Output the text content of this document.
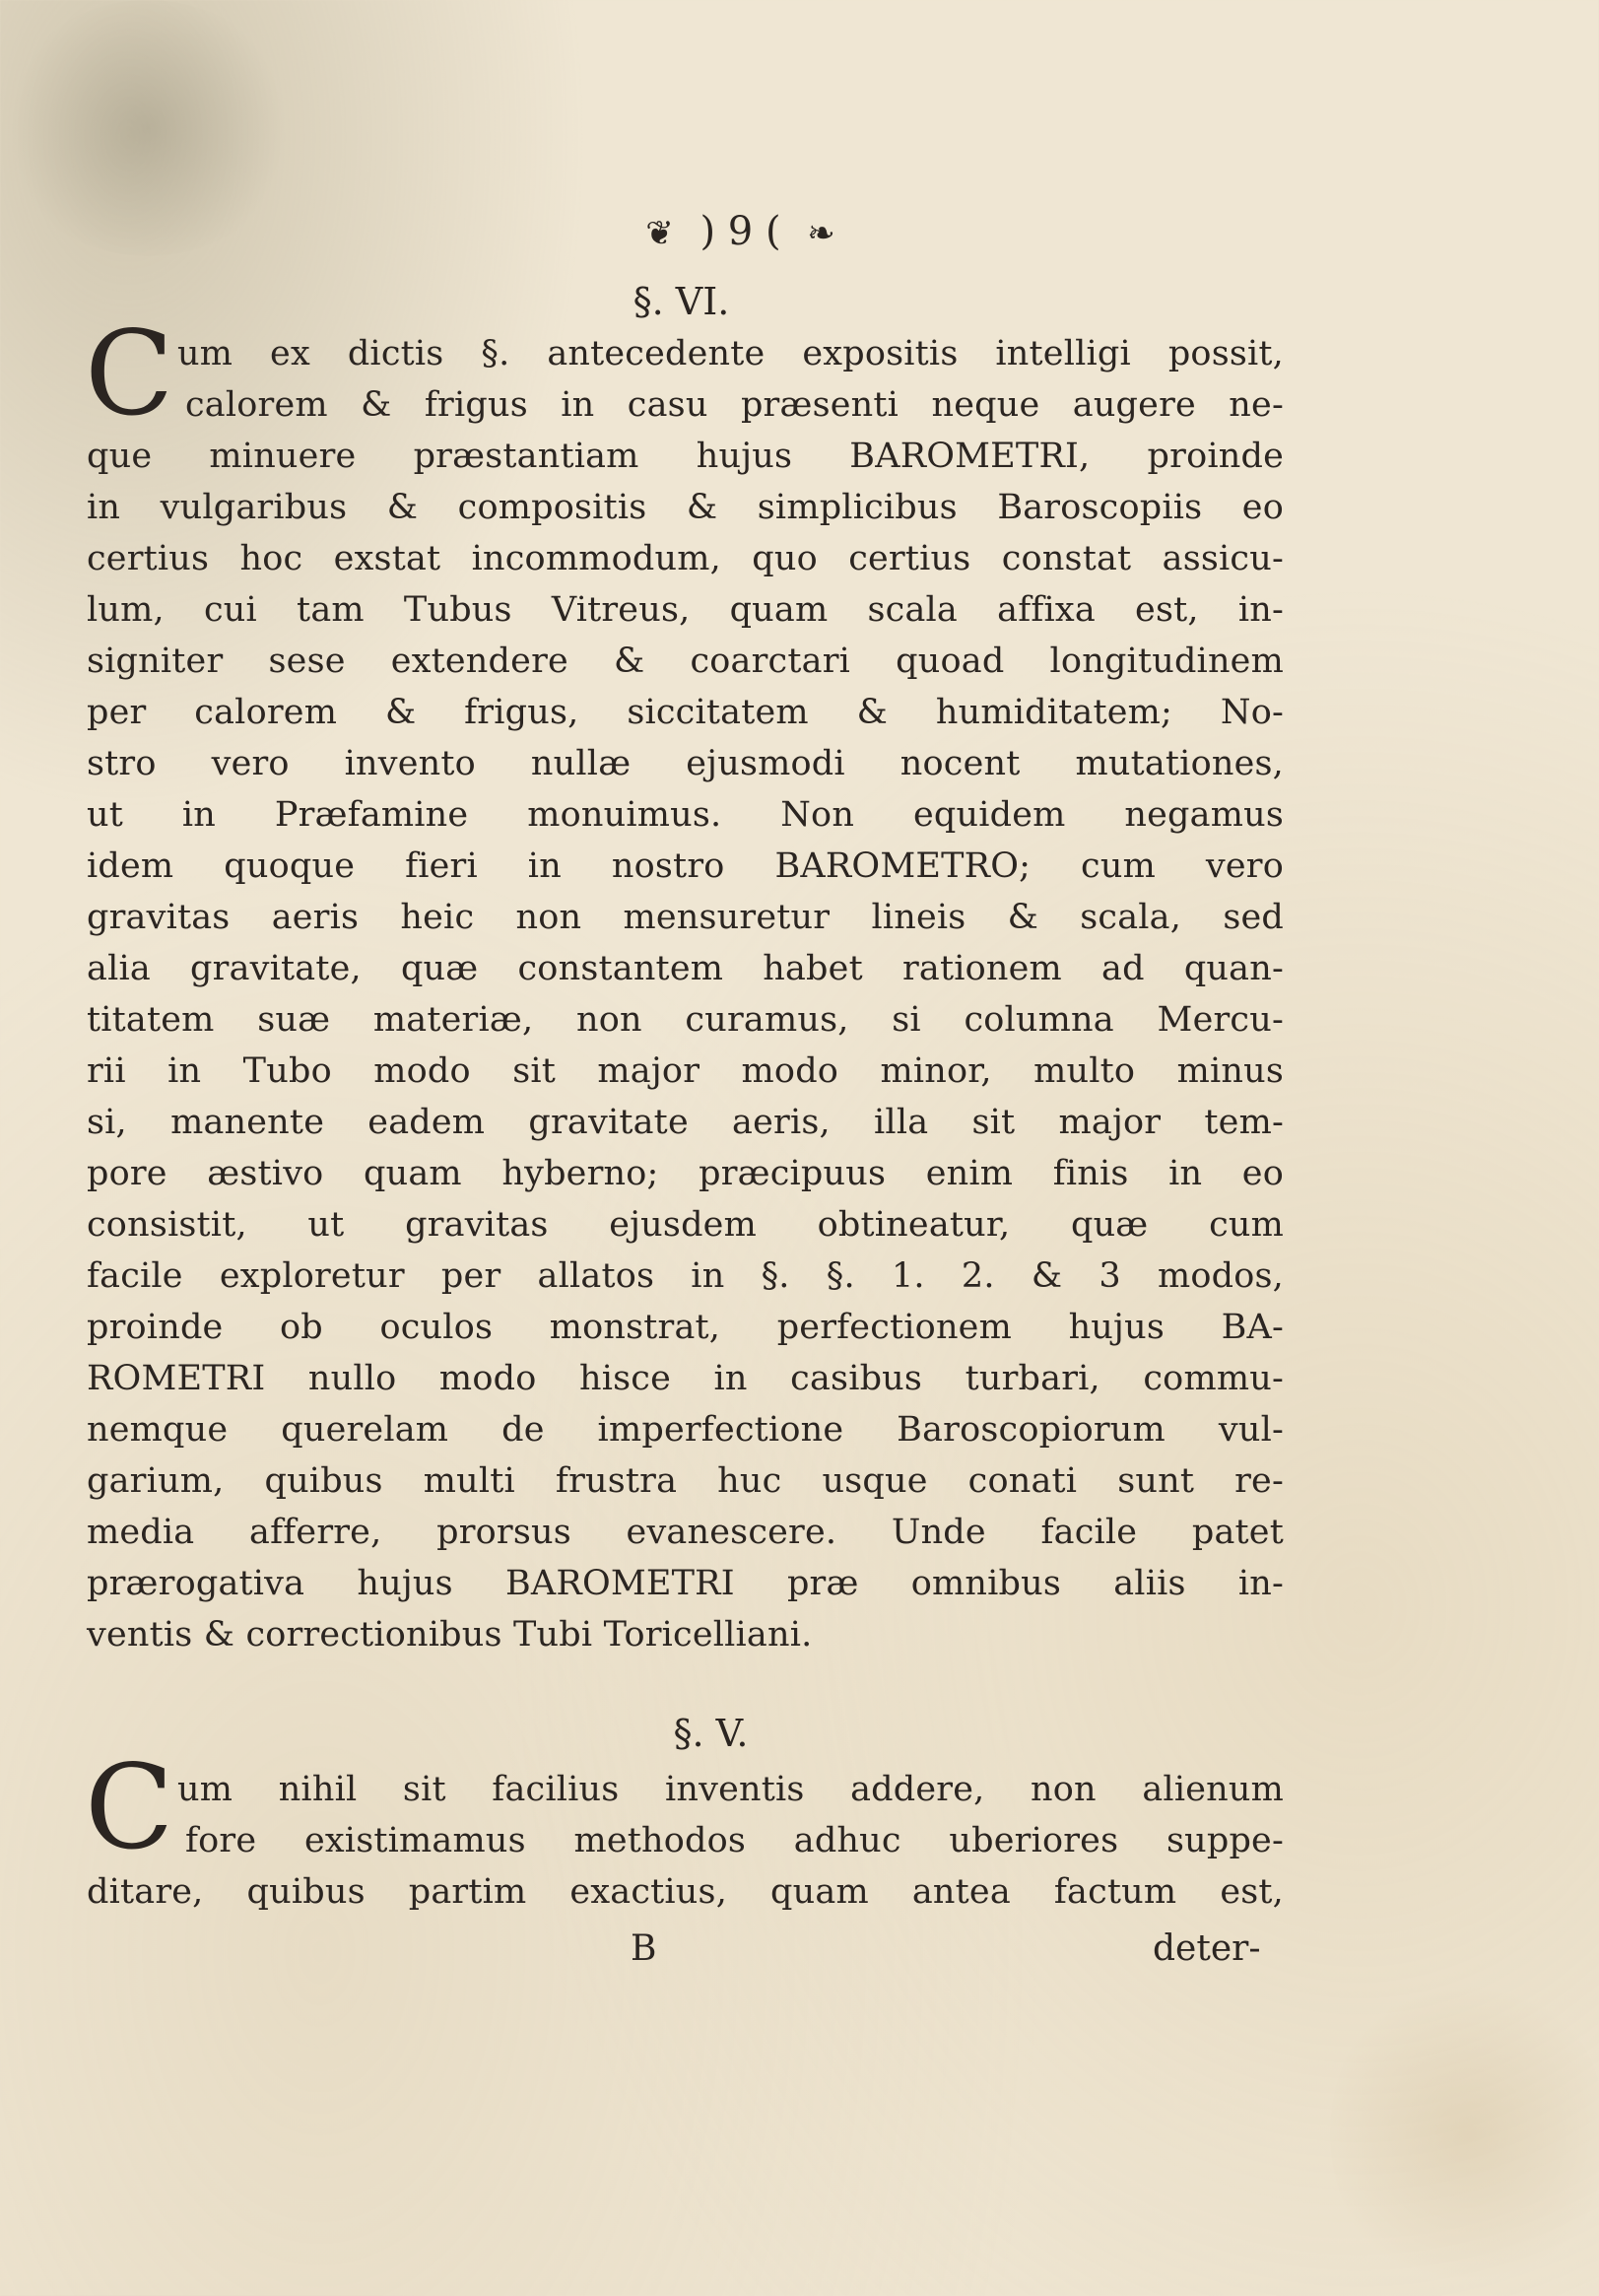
❦ ) 9 ( ❧
§. VI.
C um ex dictis §. antecedente expositis intelligi possit,
calorem & frigus in casu præsenti neque augere ne-
que minuere præstantiam hujus BAROMETRI, proinde
in vulgaribus & compositis & simplicibus Baroscopiis eo
certius hoc exstat incommodum, quo certius constat assicu-
lum, cui tam Tubus Vitreus, quam scala affixa est, in-
signiter sese extendere & coarctari quoad longitudinem
per calorem & frigus, siccitatem & humiditatem; No-
stro vero invento nullæ ejusmodi nocent mutationes,
ut in Præfamine monuimus. Non equidem negamus
idem quoque fieri in nostro BAROMETRO; cum vero
gravitas aeris heic non mensuretur lineis & scala, sed
alia gravitate, quæ constantem habet rationem ad quan-
titatem suæ materiæ, non curamus, si columna Mercu-
rii in Tubo modo sit major modo minor, multo minus
si, manente eadem gravitate aeris, illa sit major tem-
pore æstivo quam hyberno; præcipuus enim finis in eo
consistit, ut gravitas ejusdem obtineatur, quæ cum
facile exploretur per allatos in §. §. 1. 2. & 3 modos,
proinde ob oculos monstrat, perfectionem hujus BA-
ROMETRI nullo modo hisce in casibus turbari, commu-
nemque querelam de imperfectione Baroscopiorum vul-
garium, quibus multi frustra huc usque conati sunt re-
media afferre, prorsus evanescere. Unde facile patet
prærogativa hujus BAROMETRI præ omnibus aliis in-
ventis & correctionibus Tubi Toricelliani.
§. V.
C um nihil sit facilius inventis addere, non alienum
fore existimamus methodos adhuc uberiores suppe-
ditare, quibus partim exactius, quam antea factum est,
B	deter-
